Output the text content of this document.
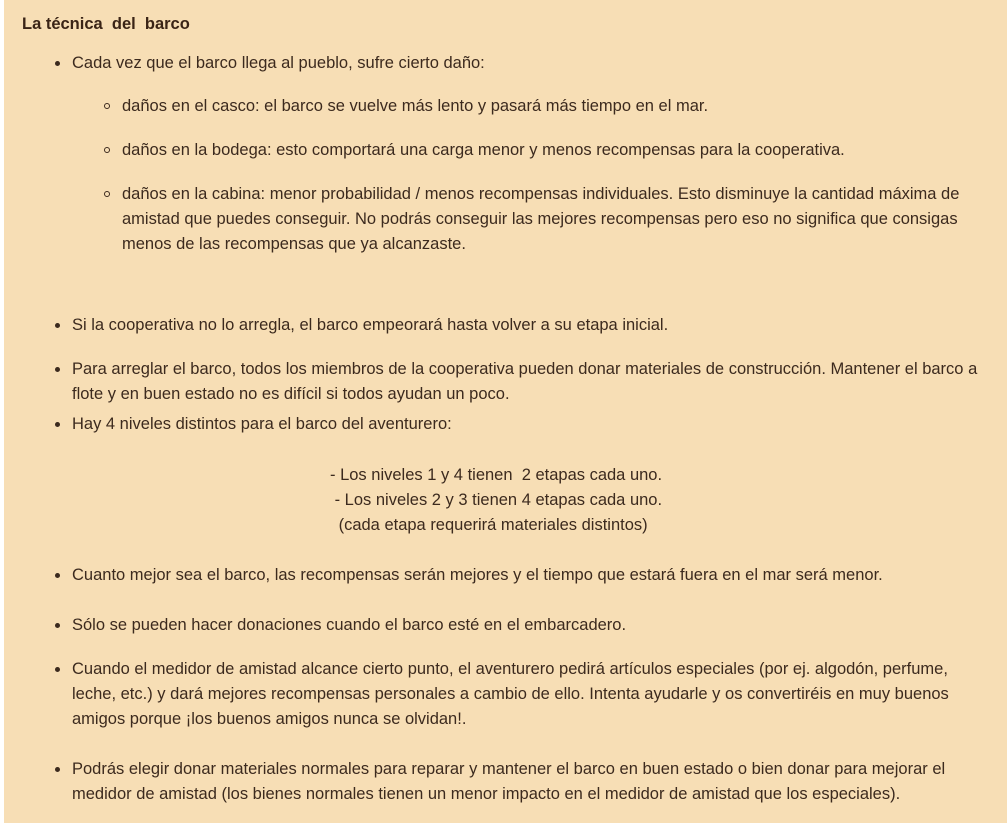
La técnica  del  barco
Cada vez que el barco llega al pueblo, sufre cierto daño:
daños en el casco: el barco se vuelve más lento y pasará más tiempo en el mar.
daños en la bodega: esto comportará una carga menor y menos recompensas para la cooperativa.
daños en la cabina: menor probabilidad / menos recompensas individuales. Esto disminuye la cantidad máxima de amistad que puedes conseguir. No podrás conseguir las mejores recompensas pero eso no significa que consigas menos de las recompensas que ya alcanzaste.
Si la cooperativa no lo arregla, el barco empeorará hasta volver a su etapa inicial.
Para arreglar el barco, todos los miembros de la cooperativa pueden donar materiales de construcción. Mantener el barco a flote y en buen estado no es difícil si todos ayudan un poco.
Hay 4 niveles distintos para el barco del aventurero:
- Los niveles 1 y 4 tienen  2 etapas cada uno.
- Los niveles 2 y 3 tienen 4 etapas cada uno.
(cada etapa requerirá materiales distintos)
Cuanto mejor sea el barco, las recompensas serán mejores y el tiempo que estará fuera en el mar será menor.
Sólo se pueden hacer donaciones cuando el barco esté en el embarcadero.
Cuando el medidor de amistad alcance cierto punto, el aventurero pedirá artículos especiales (por ej. algodón, perfume, leche, etc.) y dará mejores recompensas personales a cambio de ello. Intenta ayudarle y os convertiréis en muy buenos amigos porque ¡los buenos amigos nunca se olvidan!.
Podrás elegir donar materiales normales para reparar y mantener el barco en buen estado o bien donar para mejorar el medidor de amistad (los bienes normales tienen un menor impacto en el medidor de amistad que los especiales).
